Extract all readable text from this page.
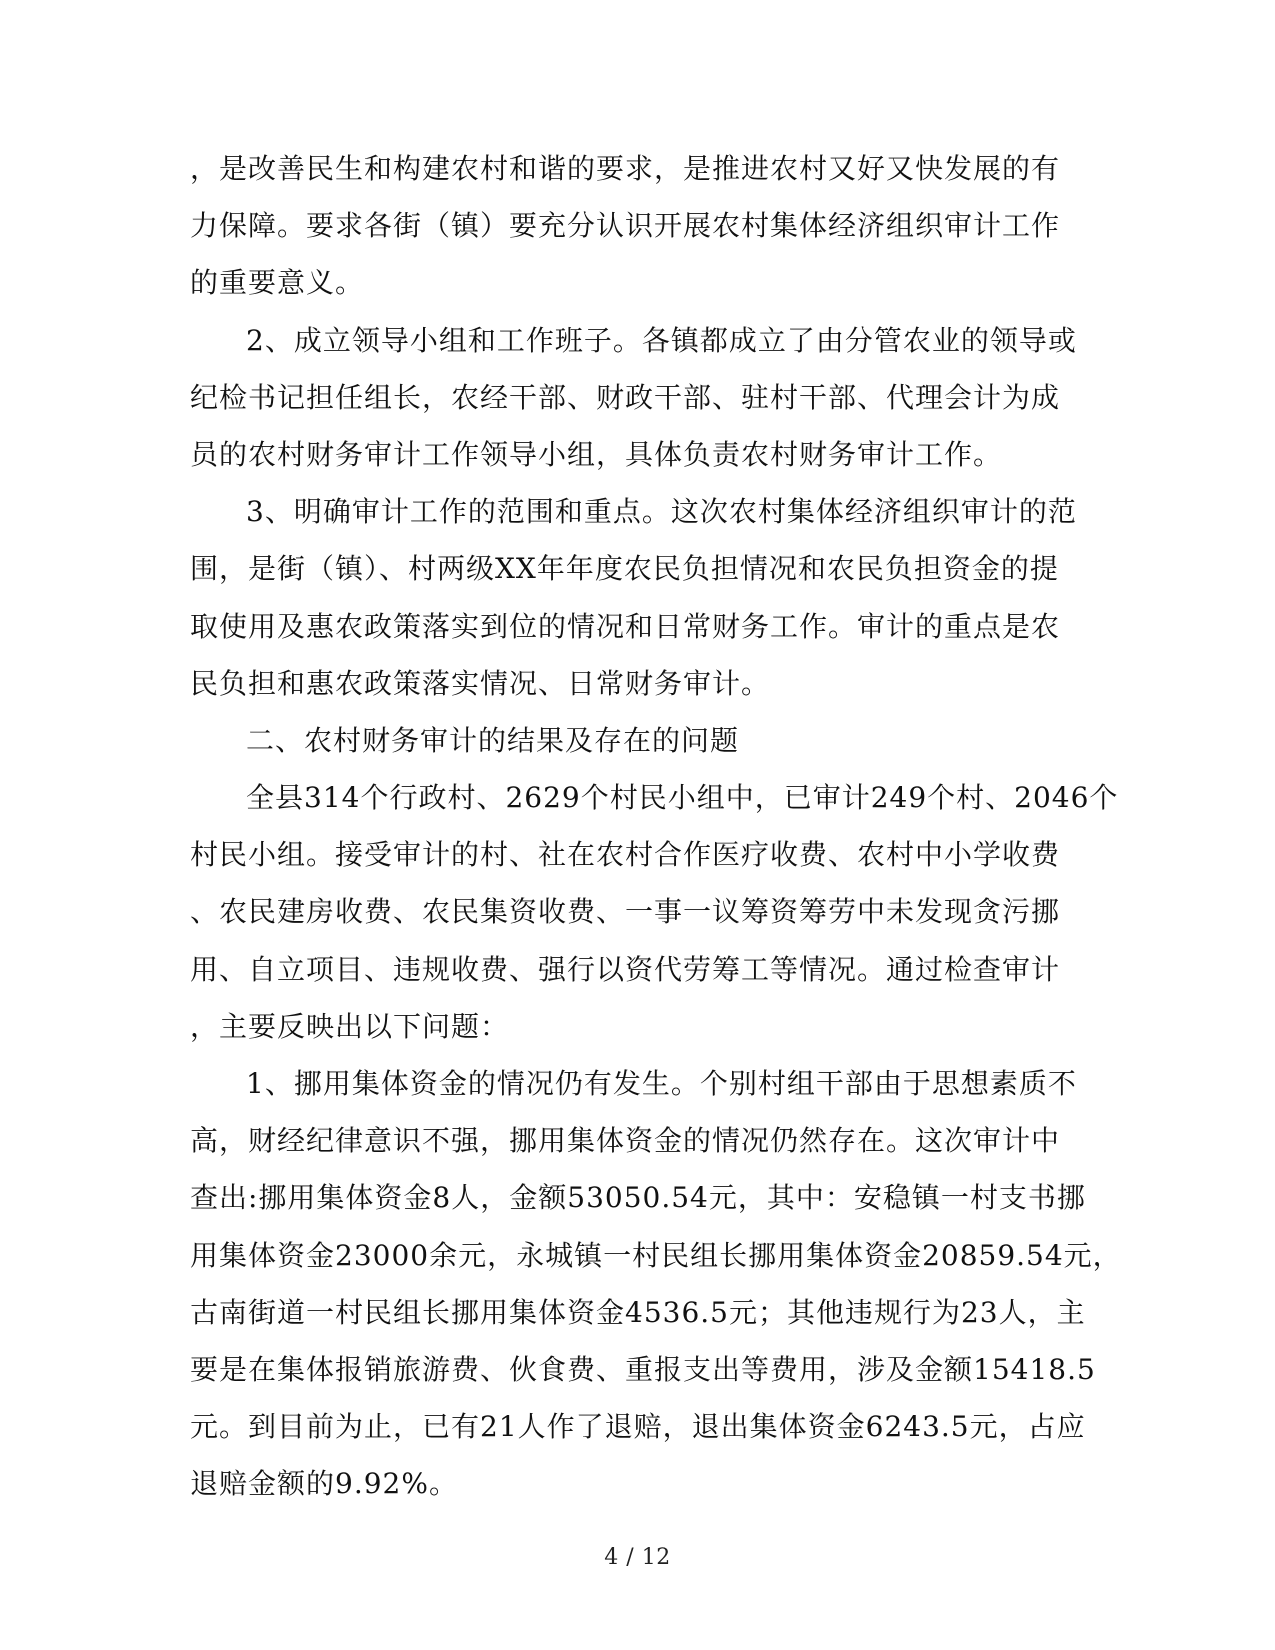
，是改善民生和构建农村和谐的要求，是推进农村又好又快发展的有
力保障。要求各街（镇）要充分认识开展农村集体经济组织审计工作
的重要意义。
2、成立领导小组和工作班子。各镇都成立了由分管农业的领导或
纪检书记担任组长，农经干部、财政干部、驻村干部、代理会计为成
员的农村财务审计工作领导小组，具体负责农村财务审计工作。
3、明确审计工作的范围和重点。这次农村集体经济组织审计的范
围，是街（镇）、村两级XX年年度农民负担情况和农民负担资金的提
取使用及惠农政策落实到位的情况和日常财务工作。审计的重点是农
民负担和惠农政策落实情况、日常财务审计。
二、农村财务审计的结果及存在的问题
全县314个行政村、2629个村民小组中，已审计249个村、2046个
村民小组。接受审计的村、社在农村合作医疗收费、农村中小学收费
、农民建房收费、农民集资收费、一事一议筹资筹劳中未发现贪污挪
用、自立项目、违规收费、强行以资代劳筹工等情况。通过检查审计
，主要反映出以下问题：
1、挪用集体资金的情况仍有发生。个别村组干部由于思想素质不
高，财经纪律意识不强，挪用集体资金的情况仍然存在。这次审计中
查出:挪用集体资金8人，金额53050.54元，其中：安稳镇一村支书挪
用集体资金23000余元，永城镇一村民组长挪用集体资金20859.54元，
古南街道一村民组长挪用集体资金4536.5元；其他违规行为23人，主
要是在集体报销旅游费、伙食费、重报支出等费用，涉及金额15418.5
元。到目前为止，已有21人作了退赔，退出集体资金6243.5元，占应
退赔金额的9.92%。
4 / 12
